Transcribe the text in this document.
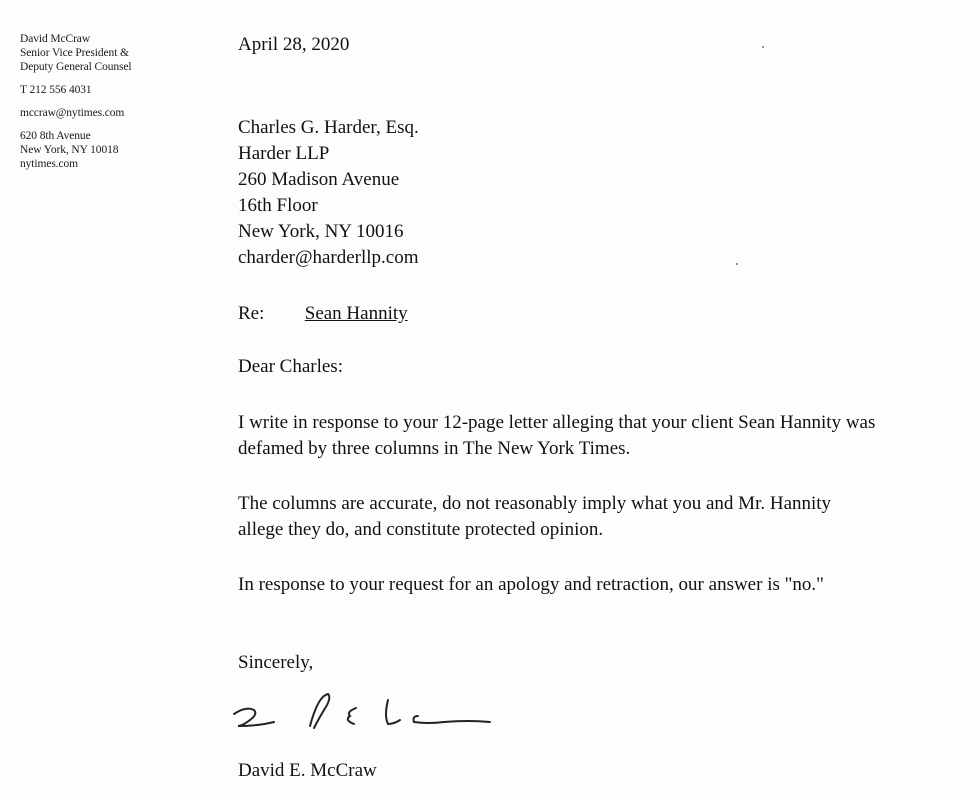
David McCraw
Senior Vice President &
Deputy General Counsel
T 212 556 4031
mccraw@nytimes.com
620 8th Avenue
New York, NY 10018
nytimes.com
April 28, 2020
Charles G. Harder, Esq.
Harder LLP
260 Madison Avenue
16th Floor
New York, NY 10016
charder@harderllp.com
Re: Sean Hannity
Dear Charles:
I write in response to your 12-page letter alleging that your client Sean Hannity was defamed by three columns in The New York Times.
The columns are accurate, do not reasonably imply what you and Mr. Hannity allege they do, and constitute protected opinion.
In response to your request for an apology and retraction, our answer is "no."
Sincerely,
David E. McCraw
